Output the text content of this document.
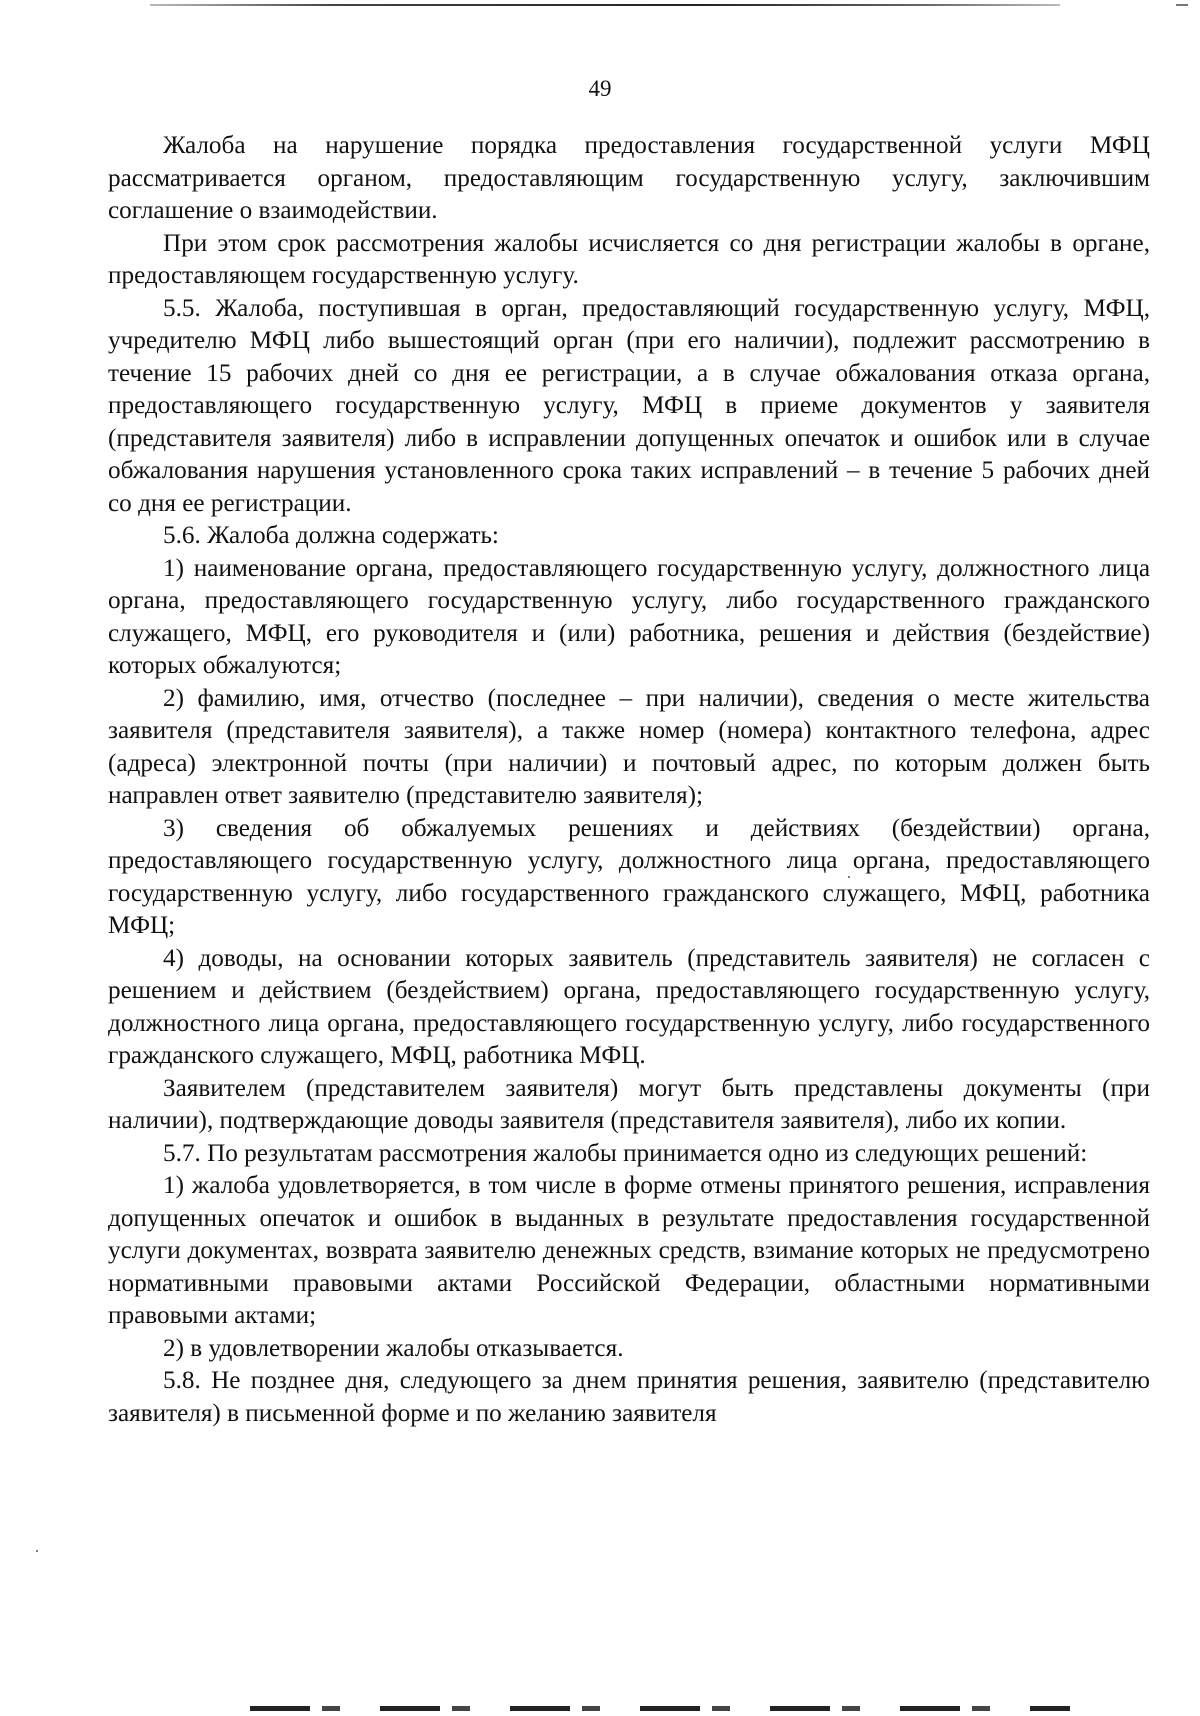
49

Жалоба на нарушение порядка предоставления государственной услуги МФЦ рассматривается органом, предоставляющим государственную услугу, заключившим соглашение о взаимодействии.

При этом срок рассмотрения жалобы исчисляется со дня регистрации жалобы в органе, предоставляющем государственную услугу.

5.5. Жалоба, поступившая в орган, предоставляющий государственную услугу, МФЦ, учредителю МФЦ либо вышестоящий орган (при его наличии), подлежит рассмотрению в течение 15 рабочих дней со дня ее регистрации, а в случае обжалования отказа органа, предоставляющего государственную услугу, МФЦ в приеме документов у заявителя (представителя заявителя) либо в исправлении допущенных опечаток и ошибок или в случае обжалования нарушения установленного срока таких исправлений – в течение 5 рабочих дней со дня ее регистрации.

5.6. Жалоба должна содержать:

1) наименование органа, предоставляющего государственную услугу, должностного лица органа, предоставляющего государственную услугу, либо государственного гражданского служащего, МФЦ, его руководителя и (или) работника, решения и действия (бездействие) которых обжалуются;

2) фамилию, имя, отчество (последнее – при наличии), сведения о месте жительства заявителя (представителя заявителя), а также номер (номера) контактного телефона, адрес (адреса) электронной почты (при наличии) и почтовый адрес, по которым должен быть направлен ответ заявителю (представителю заявителя);

3) сведения об обжалуемых решениях и действиях (бездействии) органа, предоставляющего государственную услугу, должностного лица органа, предоставляющего государственную услугу, либо государственного гражданского служащего, МФЦ, работника МФЦ;

4) доводы, на основании которых заявитель (представитель заявителя) не согласен с решением и действием (бездействием) органа, предоставляющего государственную услугу, должностного лица органа, предоставляющего государственную услугу, либо государственного гражданского служащего, МФЦ, работника МФЦ.

Заявителем (представителем заявителя) могут быть представлены документы (при наличии), подтверждающие доводы заявителя (представителя заявителя), либо их копии.

5.7. По результатам рассмотрения жалобы принимается одно из следующих решений:

1) жалоба удовлетворяется, в том числе в форме отмены принятого решения, исправления допущенных опечаток и ошибок в выданных в результате предоставления государственной услуги документах, возврата заявителю денежных средств, взимание которых не предусмотрено нормативными правовыми актами Российской Федерации, областными нормативными правовыми актами;

2) в удовлетворении жалобы отказывается.

5.8. Не позднее дня, следующего за днем принятия решения, заявителю (представителю заявителя) в письменной форме и по желанию заявителя
